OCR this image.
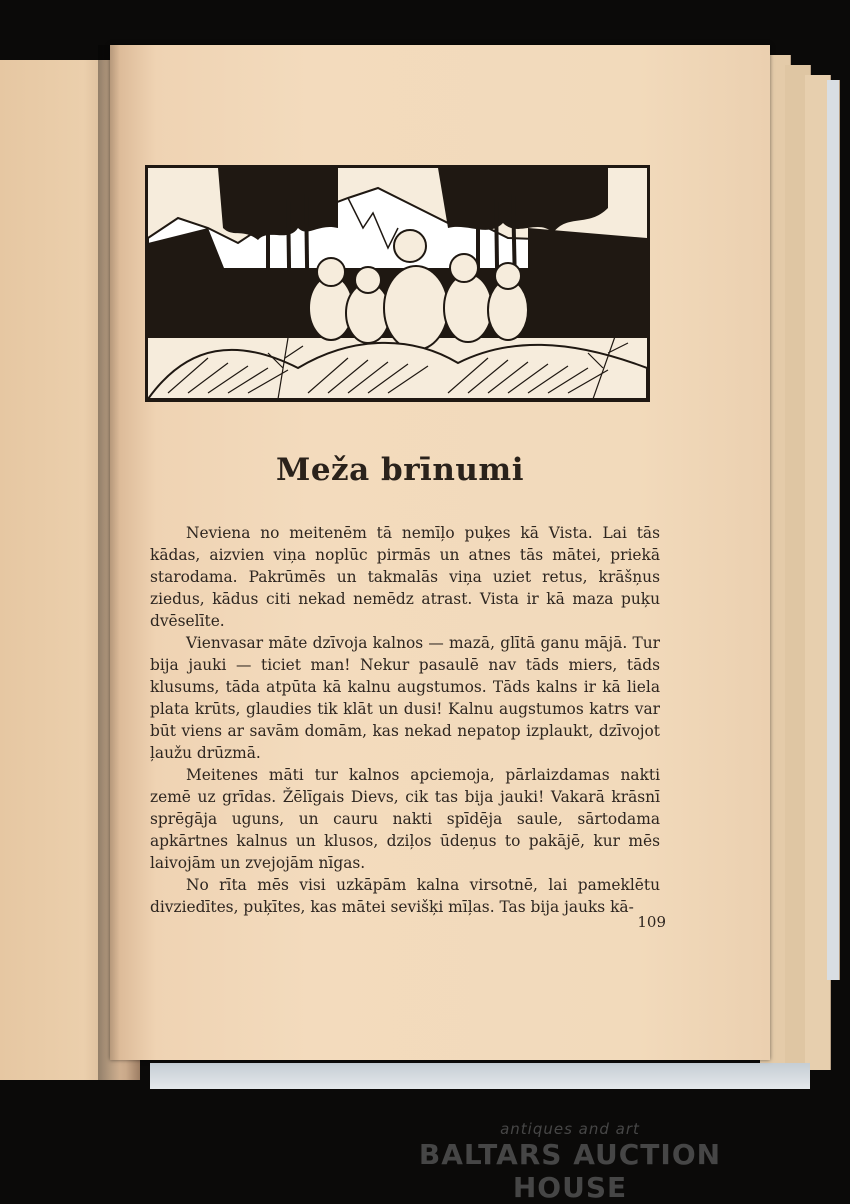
Meža brīnumi

Neviena no meitenēm tā nemīļo puķes kā Vista. Lai tās kādas, aizvien viņa noplūc pirmās un atnes tās mātei, priekā starodama. Pakrūmēs un takmalās viņa uziet retus, krāšņus ziedus, kādus citi nekad nemēdz atrast. Vista ir kā maza puķu dvēselīte.

Vienvasar māte dzīvoja kalnos — mazā, glītā ganu mājā. Tur bija jauki — ticiet man! Nekur pasaulē nav tāds miers, tāds klusums, tāda atpūta kā kalnu augstumos. Tāds kalns ir kā liela plata krūts, glaudies tik klāt un dusi! Kalnu augstumos katrs var būt viens ar savām domām, kas nekad nepatop izplaukt, dzīvojot ļaužu drūzmā.

Meitenes māti tur kalnos apciemoja, pārlaizdamas nakti zemē uz grīdas. Žēlīgais Dievs, cik tas bija jauki! Vakarā krāsnī sprēgāja uguns, un cauru nakti spīdēja saule, sārtodama apkārtnes kalnus un klusos, dziļos ūdeņus to pakājē, kur mēs laivojām un zvejojām nīgas.

No rīta mēs visi uzkāpām kalna virsotnē, lai pameklētu divziedītes, puķītes, kas mātei sevišķi mīļas. Tas bija jauks kā-

109
antiques and art
BALTARS AUCTION HOUSE
